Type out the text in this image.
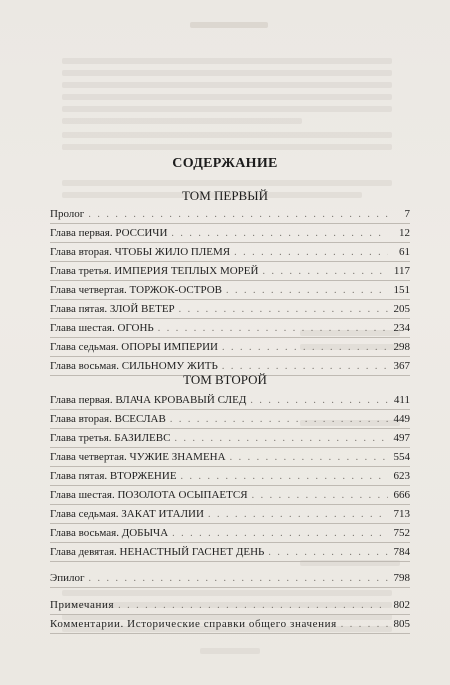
СОДЕРЖАНИЕ
ТОМ ПЕРВЫЙ
Пролог . . .	7
Глава первая. РОССИЧИ . . .	12
Глава вторая. ЧТОБЫ ЖИЛО ПЛЕМЯ . . .	61
Глава третья. ИМПЕРИЯ ТЕПЛЫХ МОРЕЙ . . .	117
Глава четвертая. ТОРЖОК-ОСТРОВ . . .	151
Глава пятая. ЗЛОЙ ВЕТЕР . . .	205
Глава шестая. ОГОНЬ . . .	234
Глава седьмая. ОПОРЫ ИМПЕРИИ . . .	298
Глава восьмая. СИЛЬНОМУ ЖИТЬ . . .	367
ТОМ ВТОРОЙ
Глава первая. ВЛАЧА КРОВАВЫЙ СЛЕД . . .	411
Глава вторая. ВСЕСЛАВ . . .	449
Глава третья. БАЗИЛЕВС . . .	497
Глава четвертая. ЧУЖИЕ ЗНАМЕНА . . .	554
Глава пятая. ВТОРЖЕНИЕ . . .	623
Глава шестая. ПОЗОЛОТА ОСЫПАЕТСЯ . . .	666
Глава седьмая. ЗАКАТ ИТАЛИИ . . .	713
Глава восьмая. ДОБЫЧА . . .	752
Глава девятая. НЕНАСТНЫЙ ГАСНЕТ ДЕНЬ . . .	784
Эпилог . . .	798
Примечания . . .	802
Комментарии. Исторические справки общего значения . . .	805
